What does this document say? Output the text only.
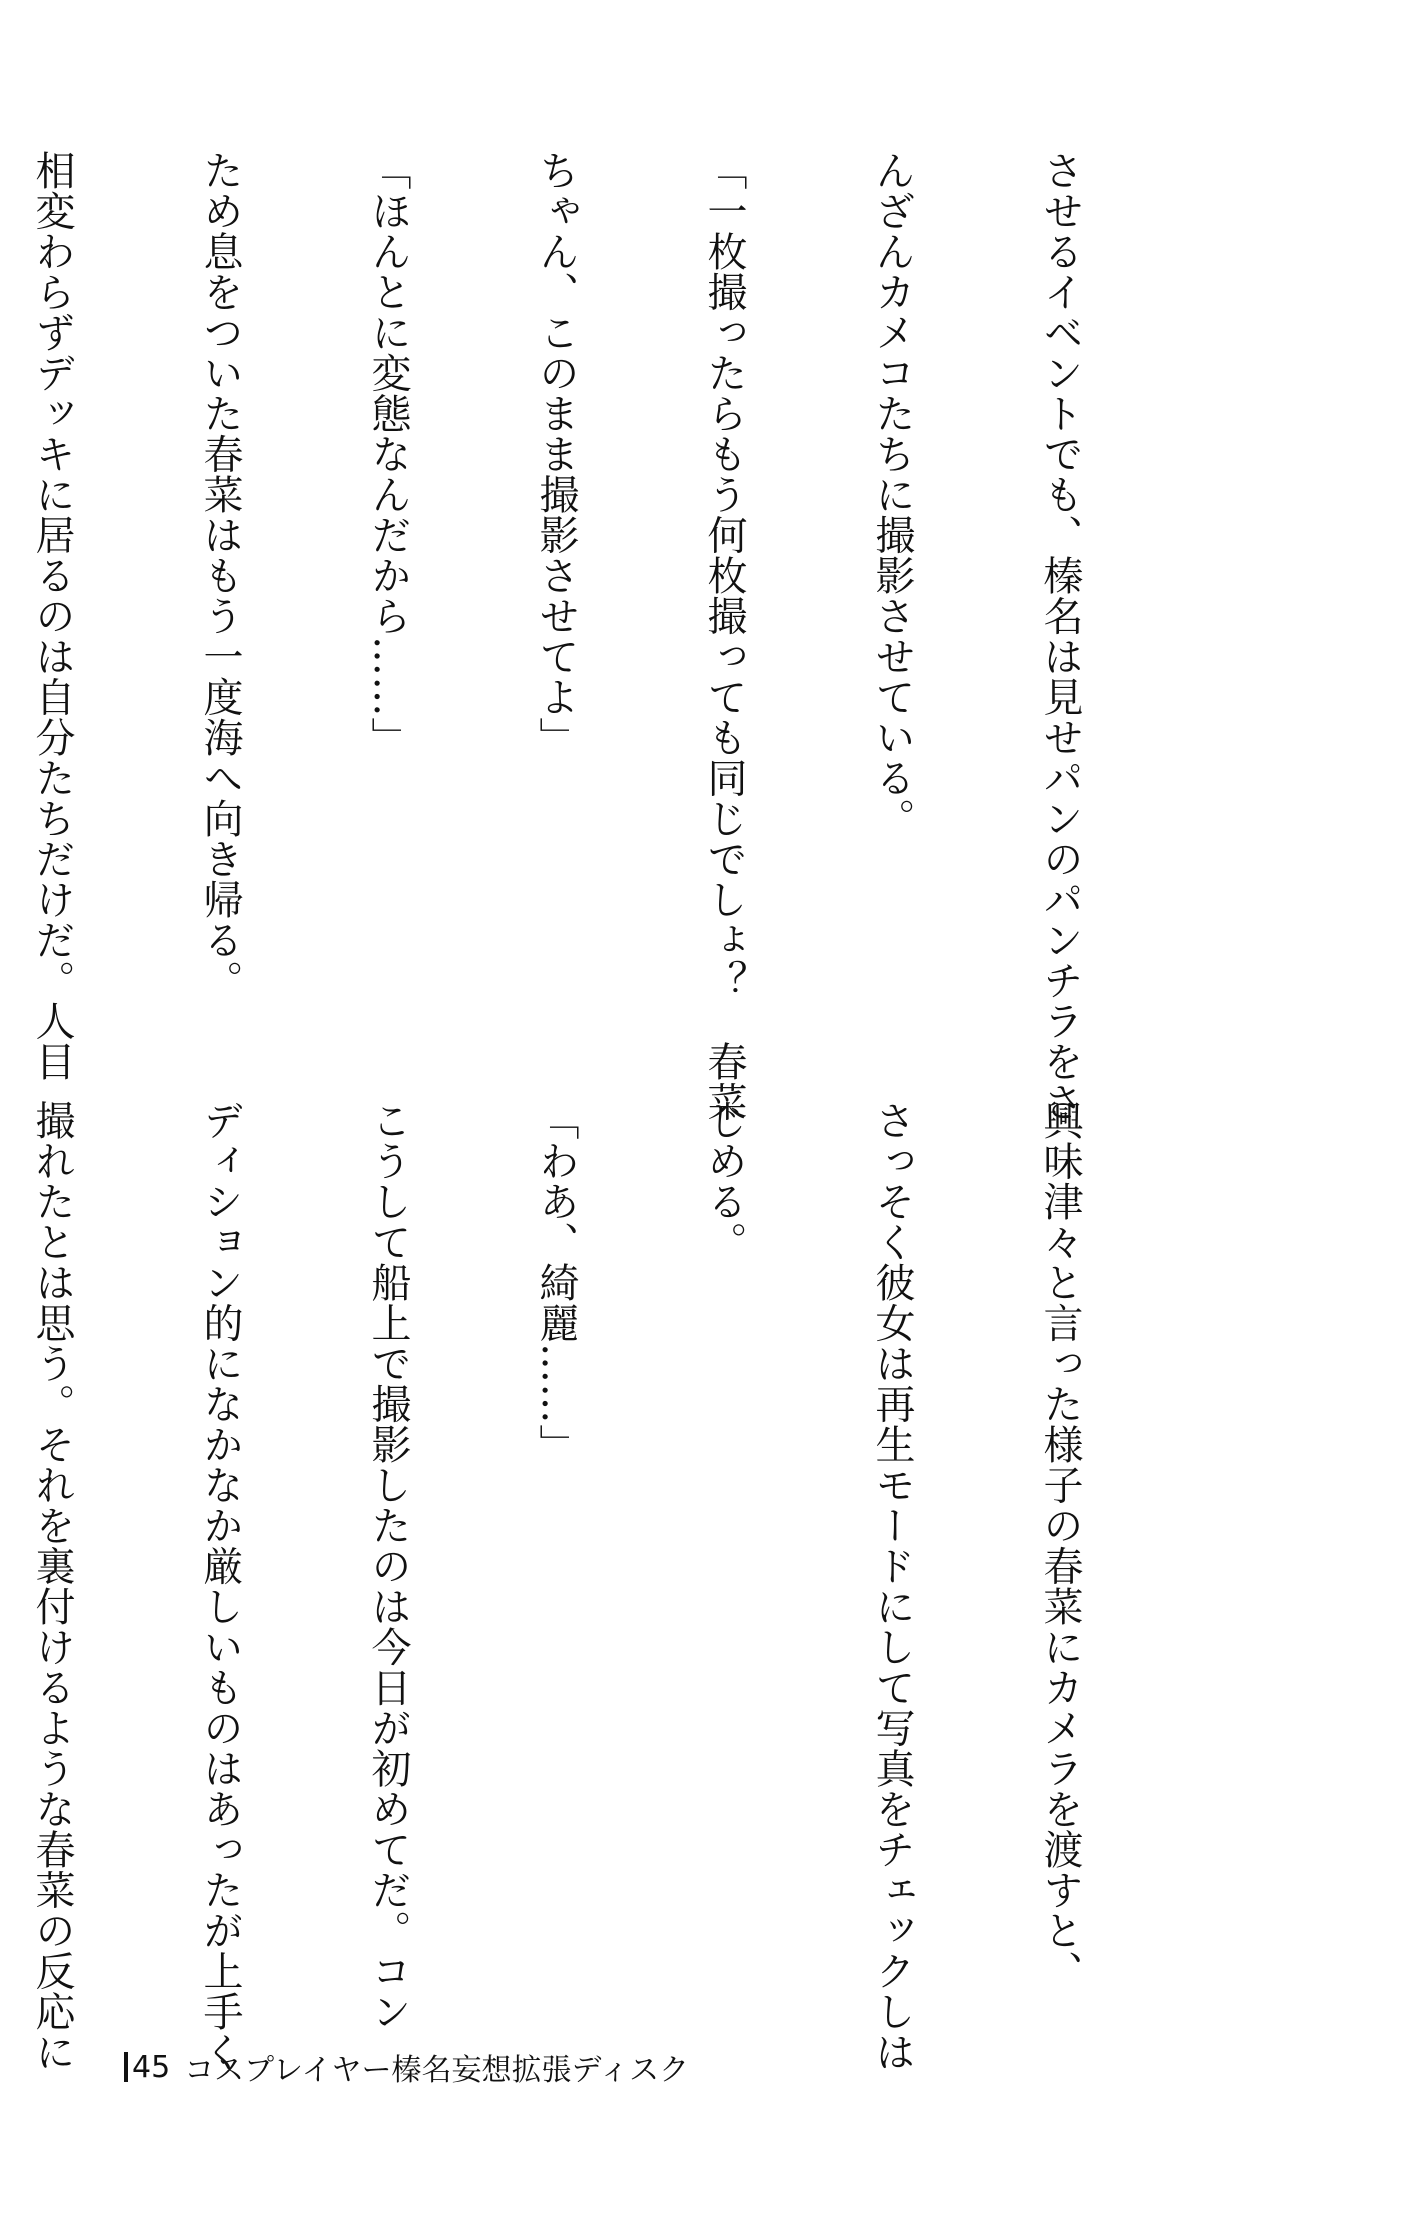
させるイベントでも、榛名は見せパンのパンチラをさ

んざんカメコたちに撮影させている。

「一枚撮ったらもう何枚撮っても同じでしょ？　春菜

ちゃん、このまま撮影させてよ」

「ほんとに変態なんだから……」

ため息をついた春菜はもう一度海へ向き帰る。

相変わらずデッキに居るのは自分たちだけだ。人目

興味津々と言った様子の春菜にカメラを渡すと、

さっそく彼女は再生モードにして写真をチェックしは

じめる。

「わあ、綺麗……」

こうして船上で撮影したのは今日が初めてだ。コン

ディション的になかなか厳しいものはあったが上手く

撮れたとは思う。それを裏付けるような春菜の反応に

45 コスプレイヤー榛名妄想拡張ディスク
